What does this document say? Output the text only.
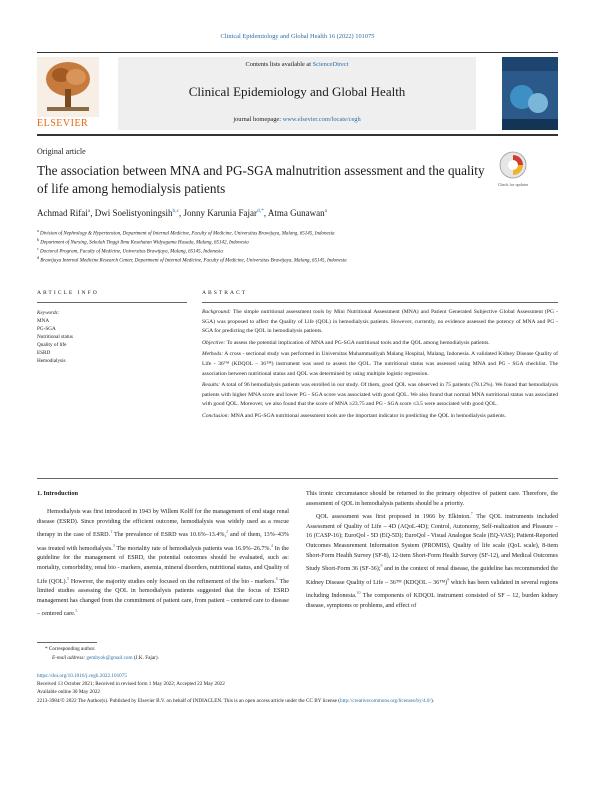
Clinical Epidemiology and Global Health 16 (2022) 101075
ELSEVIER
Contents lists available at ScienceDirect
Clinical Epidemiology and Global Health
journal homepage: www.elsevier.com/locate/cegh
Original article
The association between MNA and PG-SGA malnutrition assessment and the quality of life among hemodialysis patients	Check for updates
Achmad Rifai$^a$, Dwi Soelistyoningsih$^{b,c}$, Jonny Karunia Fajar$^{d,*}$, Atma Gunawan$^a$
$^a$ Division of Nephrology & Hypertension, Department of Internal Medicine, Faculty of Medicine, Universitas Brawijaya, Malang, 65145, Indonesia
$^b$ Department of Nursing, Sekolah Tinggi Ilmu Kesehatan Widyagama Husada, Malang, 65142, Indonesia
$^c$ Doctoral Program, Faculty of Medicine, Universitas Brawijaya, Malang, 65145, Indonesia
$^d$ Brawijaya Internal Medicine Research Center, Department of Internal Medicine, Faculty of Medicine, Universitas Brawijaya, Malang, 65145, Indonesia
ARTICLE INFO	ABSTRACT
Keywords:
MNA
PG-SGA
Nutritional status
Quality of life
ESRD
Hemodialysis

Background: The simple nutritional assessment tools by Mini Nutritional Assessment (MNA) and Patient Generated Subjective Global Assessment (PG - SGA) was proposed to affect the Quality of Life (QOL) in hemodialysis patients. However, currently, no evidence assessed the potency of MNA and PG - SGA for predicting the QOL in hemodialysis patients.

Objective: To assess the potential implication of MNA and PG-SGA nutritional tools and the QOL among hemodialysis patients.

Methods: A cross - sectional study was performed in Universitas Muhammadiyah Malang Hospital, Malang, Indonesia. A validated Kidney Disease Quality of Life - 36™ (KDQOL – 36™) instrument was used to assess the QOL. The nutritional status was assessed using MNA and PG - SGA checklist. The association between nutritional status and QOL was determined by using multiple logistic regression.

Results: A total of 96 hemodialysis patients was enrolled in our study. Of them, good QOL was observed in 75 patients (78.12%). We found that hemodialysis patients with higher MNA score and lower PG - SGA score was associated with good QOL. We also found that normal MNA nutritional status was associated with good QOL. Moreover, we also found that the score of MNA ≥23.75 and PG - SGA score ≤3.5 were associated with good QOL.

Conclusion: MNA and PG-SGA nutritional assessment tools are the important indicator in predicting the QOL in hemodialysis patients.

1. Introduction

Hemodialysis was first introduced in 1943 by Willem Kolff for the management of end stage renal disease (ESRD). Since providing the efficient outcome, hemodialysis was widely used as a rescue therapy in the case of ESRD.$^1$ The prevalence of ESRD was 10.6%–13.4%,$^2$ and of them, 13%–43% was treated with hemodialysis.$^3$ The mortality rate of hemodialysis patients was 16.9%–26.7%.$^4$ In the guideline for the management of ESRD, the potential outcomes should be evaluated, such as: mortality, comorbidity, renal bio - markers, anemia, mineral disorders, nutritional status, and Quality of Life (QOL).$^5$ However, the majority studies only focused on the refinement of the bio - markers.$^6$ The limited studies assessing the QOL in hemodialysis patients suggested that the focus of ESRD management has changed from the commitment of patient care, from patient – centered care to disease – centered care.$^5$

This ironic circumstance should be returned to the primary objective of patient care. Therefore, the assessment of QOL in hemodialysis patients should be a priority.

QOL assessment was first proposed in 1966 by Elkinton.$^7$ The QOL instruments included Assessment of Quality of Life – 4D (AQoL-4D); Control, Autonomy, Self-realization and Pleasure – 16 (CASP-16); EuroQol - 5D (EQ-5D); EuroQol - Visual Analogue Scale (EQ-VAS); Patient-Reported Outcomes Measurement Information System (PROMIS), Quality of life scale (QoL scale), 8-item Short-Form Health Survey (SF-8), 12-item Short-Form Health Survey (SF-12), and Medical Outcomes Study Short-Form 36 (SF-36);$^8$ and in the context of renal disease, the guideline has recommended the Kidney Disease Quality of Life – 36™ (KDQOL – 36™)$^9$ which has been validated in several regions including Indonesia.$^{10}$ The components of KDQOL instrument consisted of SF – 12, burden kidney disease, symptoms or problems, and effect of

* Corresponding author.
E-mail address: gembyok@gmail.com (J.K. Fajar).
https://doi.org/10.1016/j.cegh.2022.101075
Received 13 October 2021; Received in revised form 1 May 2022; Accepted 22 May 2022
Available online 30 May 2022
2213-3984/© 2022 The Author(s). Published by Elsevier B.V. on behalf of INDIACLEN. This is an open access article under the CC BY license (http://creativecommons.org/licenses/by/4.0/).
